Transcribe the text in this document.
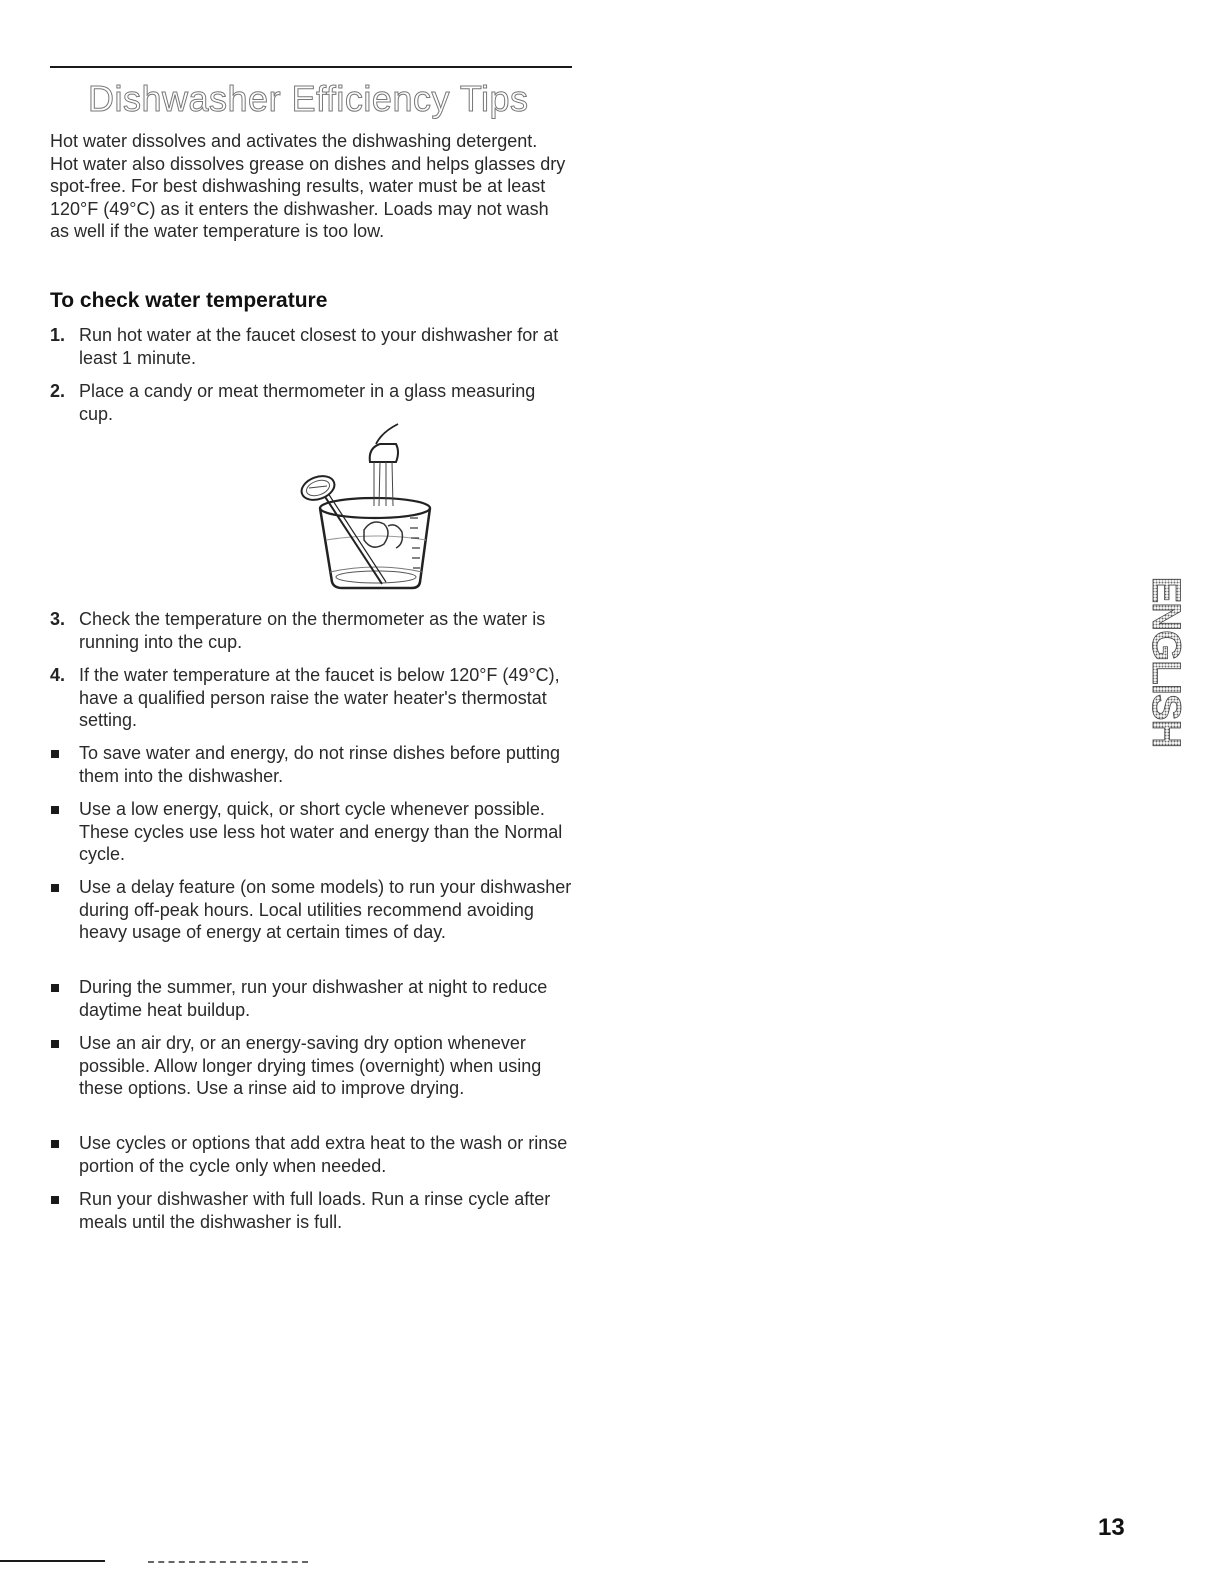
Dishwasher Efficiency Tips

Hot water dissolves and activates the dishwashing detergent. Hot water also dissolves grease on dishes and helps glasses dry spot-free. For best dishwashing results, water must be at least 120°F (49°C) as it enters the dishwasher. Loads may not wash as well if the water temperature is too low.

To check water temperature
1. Run hot water at the faucet closest to your dishwasher for at least 1 minute.
2. Place a candy or meat thermometer in a glass measuring cup.
3. Check the temperature on the thermometer as the water is running into the cup.
4. If the water temperature at the faucet is below 120°F (49°C), have a qualified person raise the water heater's thermostat setting.
To save water and energy, do not rinse dishes before putting them into the dishwasher.
Use a low energy, quick, or short cycle whenever possible. These cycles use less hot water and energy than the Normal cycle.
Use a delay feature (on some models) to run your dishwasher during off-peak hours. Local utilities recommend avoiding heavy usage of energy at certain times of day.
During the summer, run your dishwasher at night to reduce daytime heat buildup.
Use an air dry, or an energy-saving dry option whenever possible. Allow longer drying times (overnight) when using these options. Use a rinse aid to improve drying.
Use cycles or options that add extra heat to the wash or rinse portion of the cycle only when needed.
Run your dishwasher with full loads. Run a rinse cycle after meals until the dishwasher is full.
ENGLISH
13
